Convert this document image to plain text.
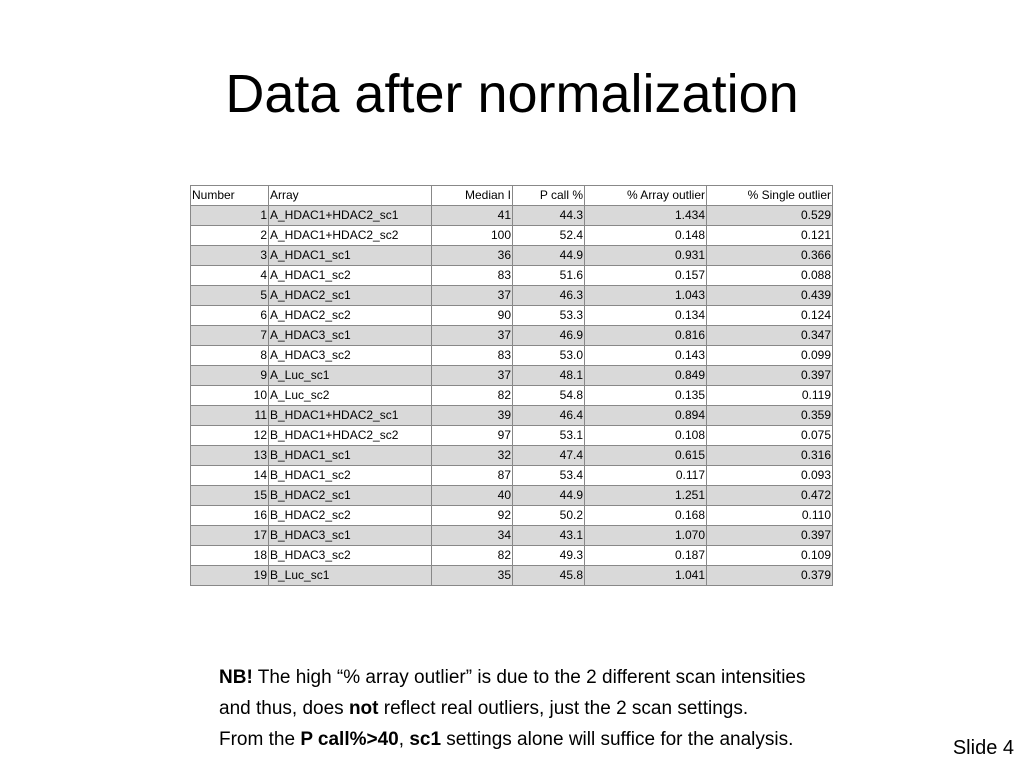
Data after normalization
Number	Array	Median I	P call %	% Array outlier	% Single outlier
1	A_HDAC1+HDAC2_sc1	41	44.3	1.434	0.529
2	A_HDAC1+HDAC2_sc2	100	52.4	0.148	0.121
3	A_HDAC1_sc1	36	44.9	0.931	0.366
4	A_HDAC1_sc2	83	51.6	0.157	0.088
5	A_HDAC2_sc1	37	46.3	1.043	0.439
6	A_HDAC2_sc2	90	53.3	0.134	0.124
7	A_HDAC3_sc1	37	46.9	0.816	0.347
8	A_HDAC3_sc2	83	53.0	0.143	0.099
9	A_Luc_sc1	37	48.1	0.849	0.397
10	A_Luc_sc2	82	54.8	0.135	0.119
11	B_HDAC1+HDAC2_sc1	39	46.4	0.894	0.359
12	B_HDAC1+HDAC2_sc2	97	53.1	0.108	0.075
13	B_HDAC1_sc1	32	47.4	0.615	0.316
14	B_HDAC1_sc2	87	53.4	0.117	0.093
15	B_HDAC2_sc1	40	44.9	1.251	0.472
16	B_HDAC2_sc2	92	50.2	0.168	0.110
17	B_HDAC3_sc1	34	43.1	1.070	0.397
18	B_HDAC3_sc2	82	49.3	0.187	0.109
19	B_Luc_sc1	35	45.8	1.041	0.379
NB! The high “% array outlier” is due to the 2 different scan intensities
and thus, does not reflect real outliers, just the 2 scan settings.
From the P call%>40, sc1 settings alone will suffice for the analysis.	Slide 4
